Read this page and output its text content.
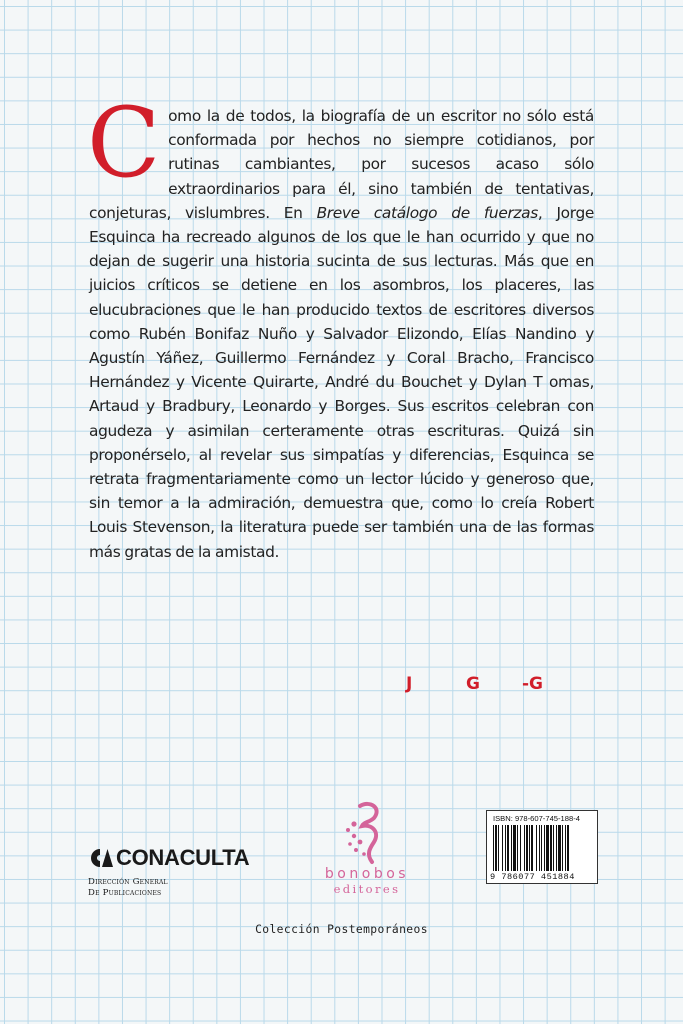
Como la de todos, la biografía de un escritor no sólo está conformada por hechos no siempre cotidianos, por rutinas cambiantes, por sucesos acaso sólo extraordinarios para él, sino también de tentativas, conjeturas, vislumbres. En Breve catálogo de fuerzas, Jorge Esquinca ha recreado algunos de los que le han ocurrido y que no dejan de sugerir una historia sucinta de sus lecturas. Más que en juicios críticos se detiene en los asombros, los placeres, las elucubraciones que le han producido textos de escritores diversos como Rubén Bonifaz Nuño y Salvador Elizondo, Elías Nandino y Agustín Yáñez, Guillermo Fernández y Coral Bracho, Francisco Hernández y Vicente Quirarte, André du Bouchet y Dylan T omas, Artaud y Bradbury, Leonardo y Borges. Sus escritos celebran con agudeza y asimilan certeramente otras escrituras. Quizá sin proponérselo, al revelar sus simpatías y diferencias, Esquinca se retrata fragmentariamente como un lector lúcido y generoso que, sin temor a la admiración, demuestra que, como lo creía Robert Louis Stevenson, la literatura puede ser también una de las formas más gratas de la amistad.

J	G -G
CONACULTA
Dirección General
De Publicaciones
bonobos
editores
ISBN: 978-607-745-188-4
9 786077 451884
Colección Postemporáneos
